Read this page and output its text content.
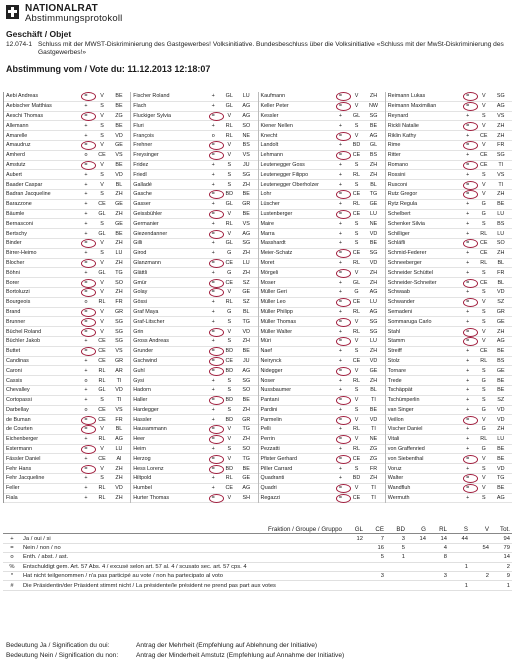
NATIONALRAT
Abstimmungsprotokoll
Geschäft / Objet
12.074-1 Schluss mit der MWST-Diskriminierung des Gastgewerbes! Volksinitiative. Bundesbeschluss über die Volksinitiative «Schluss mit der MwSt-Diskriminierung des Gastgewerbes!»
Abstimmung vom / Vote du: 11.12.2013 12:18:07
Aebi Andreas	=	V	BE
Aebischer Matthias	+	S	BE
Aeschi Thomas	=	V	ZG
Allemann	+	S	BE
Amarelle	+	S	VD
Amaudruz	=	V	GE
Amherd	o	CE	VS
Amstutz	=	V	BE
Aubert	+	S	VD
Baader Caspar	+	V	BL
Badran Jacqueline	+	S	ZH
Barazzone	+	CE	GE
Bäumle	+	GL	ZH
Bernasconi	+	S	GE
Bertschy	+	GL	BE
Binder	=	V	ZH
Birrer-Heimo	+	S	LU
Blocher	=	V	ZH
Böhni	+	GL	TG
Borer	=	V	SO
Bortoluzzi	=	V	ZH
Bourgeois	o	RL	FR
Brand	=	V	GR
Brunner	=	V	SG
Büchel Roland	=	V	SG
Büchler Jakob	+	CE	SG
Buttet	=	CE	VS
Candinas	+	CE	GR
Caroni	+	RL	AR
Cassis	o	RL	TI
Chevalley	+	GL	VD
Cortopassi	+	S	TI
Darbellay	o	CE	VS
de Buman	=	CE	FR
de Courten	=	V	BL
Eichenberger	+	RL	AG
Estermann	=	V	LU
Fässler Daniel	+	CE	AI
Fehr Hans	=	V	ZH
Fehr Jacqueline	+	S	ZH
Feller	+	RL	VD
Fiala	+	RL	ZH
Fischer Roland	+	GL	LU
Flach	+	GL	AG
Fluckiger Sylvia	=	V	AG
Fluri	+	RL	SO
François	o	RL	NE
Frehner	=	V	BS
Freysinger	=	V	VS
Fridez	+	S	JU
Friedl	+	S	SG
Galladé	+	S	ZH
Gasche	=	BD	BE
Gasser	+	GL	GR
Geissbühler	=	V	BE
Germanier	+	RL	VS
Giezendanner	=	V	AG
Gilli	+	GL	SG
Girod	+	G	ZH
Glanzmann	=	CE	LU
Glättli	+	G	ZH
Gmür	=	CE	SZ
Golay	=	V	GE
Gössi	+	RL	SZ
Graf Maya	+	G	BL
Graf-Litscher	+	S	TG
Grin	=	V	VD
Gross Andreas	+	S	ZH
Grunder	=	BD	BE
Gschwind	=	CE	JU
Guhl	=	BD	AG
Gysi	+	S	SG
Hadorn	+	S	SO
Haller	=	BD	BE
Hardegger	+	S	ZH
Hassler	+	BD	GR
Hausammann	=	V	TG
Heer	=	V	ZH
Heim	+	S	SO
Herzog	=	V	TG
Hess Lorenz	=	BD	BE
Hiltpold	+	RL	GE
Humbel	+	CE	AG
Hurter Thomas	=	V	SH
Kaufmann	=	V	ZH
Keller Peter	=	V	NW
Kessler	+	GL	SG
Kiener Nellen	+	S	BE
Knecht	=	V	AG
Landolt	+	BD	GL
Lehmann	=	CE	BS
Leutenegger Goss	+	S	ZH
Leutenegger Filippo	+	RL	ZH
Leutenegger Oberholzer	+	S	BL
Lohr	=	CE	TG
Lüscher	+	RL	GE
Lustenberger	=	CE	LU
Maire	+	S	NE
Marra	+	S	VD
Masshardt	+	S	BE
Meier-Schatz	=	CE	SG
Moret	+	RL	VD
Mörgeli	=	V	ZH
Moser	+	GL	ZH
Müller Geri	+	G	AG
Müller Leo	=	CE	LU
Müller Philipp	+	RL	AG
Müller Thomas	=	V	SG
Müller Walter	+	RL	SG
Müri	=	V	LU
Naef	+	S	ZH
Neirynck	+	CE	VD
Nidegger	=	V	GE
Noser	+	RL	ZH
Nussbaumer	+	S	BL
Pantani	=	V	TI
Pardini	+	S	BE
Parmelin	=	V	VD
Pelli	+	RL	TI
Perrin	=	V	NE
Pezzatti	+	RL	ZG
Pfister Gerhard	=	CE	ZG
Piller Carrard	+	S	FR
Quadranti	+	BD	ZH
Quadri	=	V	TI
Regazzi	=	CE	TI
Reimann Lukas	=	V	SG
Reimann Maximilian	=	V	AG
Reynard	+	S	VS
Rickli Natalie	=	V	ZH
Riklin Kathy	+	CE	ZH
Rime	=	V	FR
Ritter	+	CE	SG
Romano	=	CE	TI
Rossini	+	S	VS
Rusconi	=	V	TI
Rutz Gregor	=	V	ZH
Rytz Regula	+	G	BE
Schelbert	+	G	LU
Schenker Silvia	+	S	BS
Schilliger	+	RL	LU
Schläfli	=	CE	SO
Schmid-Federer	+	CE	ZH
Schneeberger	+	RL	BL
Schneider Schüttel	+	S	FR
Schneider-Schneiter	=	CE	BL
Schwaab	+	S	VD
Schwander	=	V	SZ
Semadeni	+	S	GR
Sommaruga Carlo	+	S	GE
Stahl	=	V	ZH
Stamm	=	V	AG
Streiff	+	CE	BE
Stolz	+	RL	BS
Tornare	+	S	GE
Trede	+	G	BE
Tschäppät	+	S	BE
Tschümperlin	+	S	SZ
van Singer	+	G	VD
Veillon	=	V	VD
Vischer Daniel	+	G	ZH
Vitali	+	RL	LU
von Graffenried	+	G	BE
von Siebenthal	=	V	BE
Voruz	+	S	VD
Walter	=	V	TG
Wandfluh	=	V	BE
Wermuth	+	S	AG
	Fraktion / Groupe / Gruppo	GL	CE	BD	G	RL	S	V	Tot.
+	Ja / oui / si	12	7	3	14	14	44		94
=	Nein / non / no		16	5		4		54	79
o	Enth. / abst. / ast.		5	1		8			14
%	Entschuldigt gem. Art. 57 Abs. 4 / excusé selon art. 57 al. 4 / scusato sec. art. 57 cps. 4						1		2
*	Hat nicht teilgenommen / n'a pas participé au vote / non ha partecipato al voto		3			3		2	9
#	Die Präsidentin/der Präsident stimmt nicht / La présidente/le président ne prend pas part aux votes						1		1
Bedeutung Ja / Signification du oui:	Antrag der Mehrheit (Empfehlung auf Ablehnung der Initiative)
Bedeutung Nein / Signification du non:	Antrag der Minderheit Amstutz (Empfehlung auf Annahme der Initiative)
